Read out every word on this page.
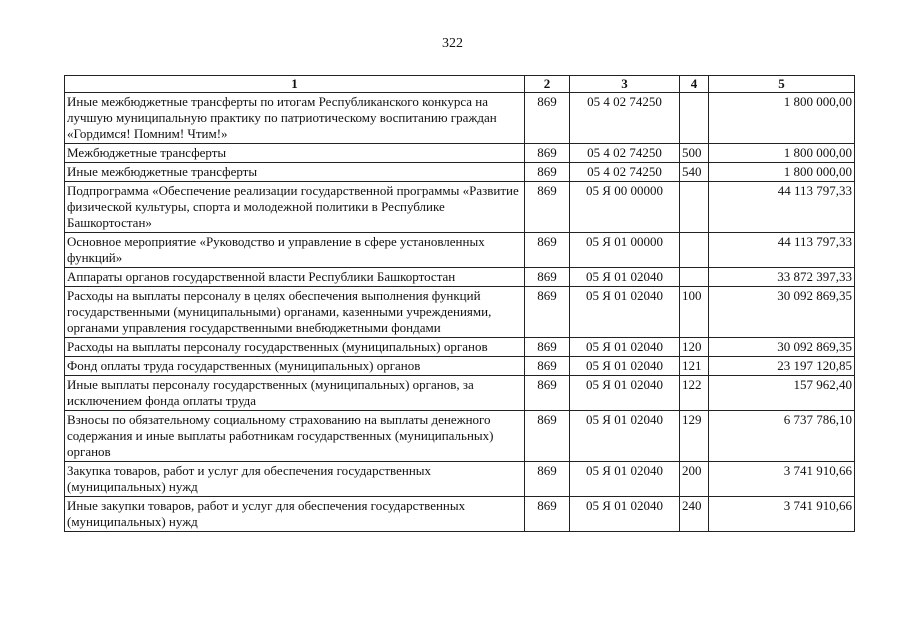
322
1	2	3	4	5
Иные межбюджетные трансферты по итогам Республиканского конкурса на лучшую муниципальную практику по патриотическому воспитанию граждан «Гордимся! Помним! Чтим!»	869	05 4 02 74250		1 800 000,00
Межбюджетные трансферты	869	05 4 02 74250	500	1 800 000,00
Иные межбюджетные трансферты	869	05 4 02 74250	540	1 800 000,00
Подпрограмма «Обеспечение реализации государственной программы «Развитие физической культуры, спорта и молодежной политики в Республике Башкортостан»	869	05 Я 00 00000		44 113 797,33
Основное мероприятие «Руководство и управление в сфере установленных функций»	869	05 Я 01 00000		44 113 797,33
Аппараты органов государственной власти Республики Башкортостан	869	05 Я 01 02040		33 872 397,33
Расходы на выплаты персоналу в целях обеспечения выполнения функций государственными (муниципальными) органами, казенными учреждениями, органами управления государственными внебюджетными фондами	869	05 Я 01 02040	100	30 092 869,35
Расходы на выплаты персоналу государственных (муниципальных) органов	869	05 Я 01 02040	120	30 092 869,35
Фонд оплаты труда государственных (муниципальных) органов	869	05 Я 01 02040	121	23 197 120,85
Иные выплаты персоналу государственных (муниципальных) органов, за исключением фонда оплаты труда	869	05 Я 01 02040	122	157 962,40
Взносы по обязательному социальному страхованию на выплаты денежного содержания и иные выплаты работникам государственных (муниципальных) органов	869	05 Я 01 02040	129	6 737 786,10
Закупка товаров, работ и услуг для обеспечения государственных (муниципальных) нужд	869	05 Я 01 02040	200	3 741 910,66
Иные закупки товаров, работ и услуг для обеспечения государственных (муниципальных) нужд	869	05 Я 01 02040	240	3 741 910,66
